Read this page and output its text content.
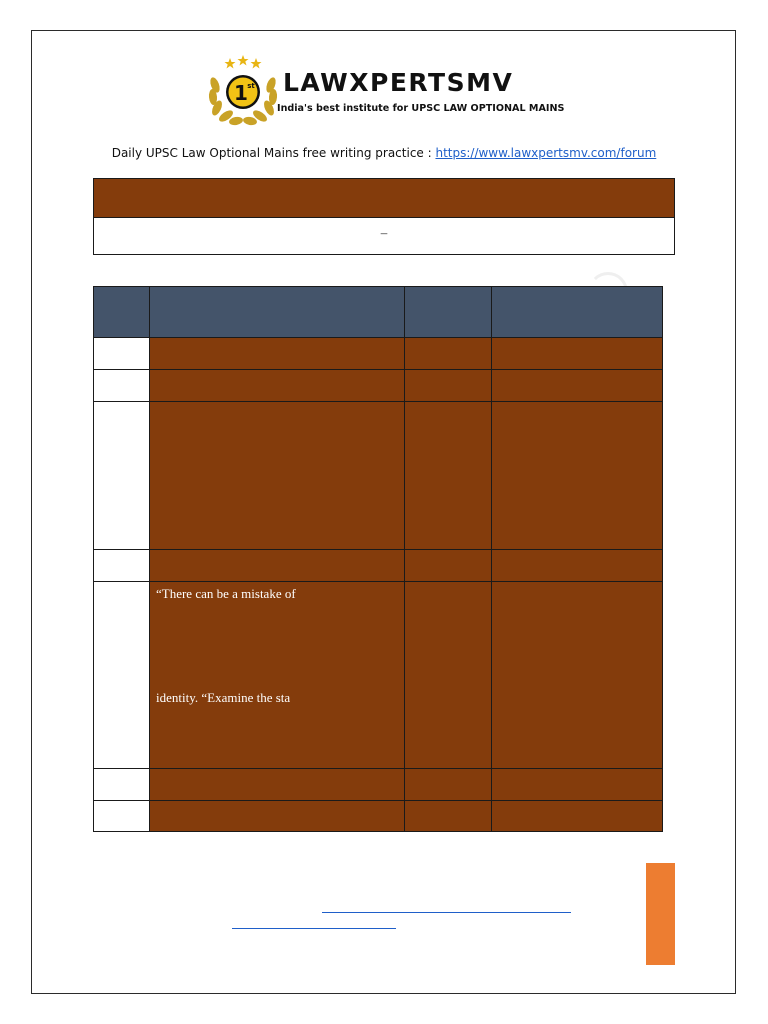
1 st LAWXPERTSMV
India's best institute for UPSC LAW OPTIONAL MAINS
Daily UPSC Law Optional Mains free writing practice : https://www.lawxpertsmv.com/forum
–

	“There can be a mistake of
identity. “Examine the sta		
